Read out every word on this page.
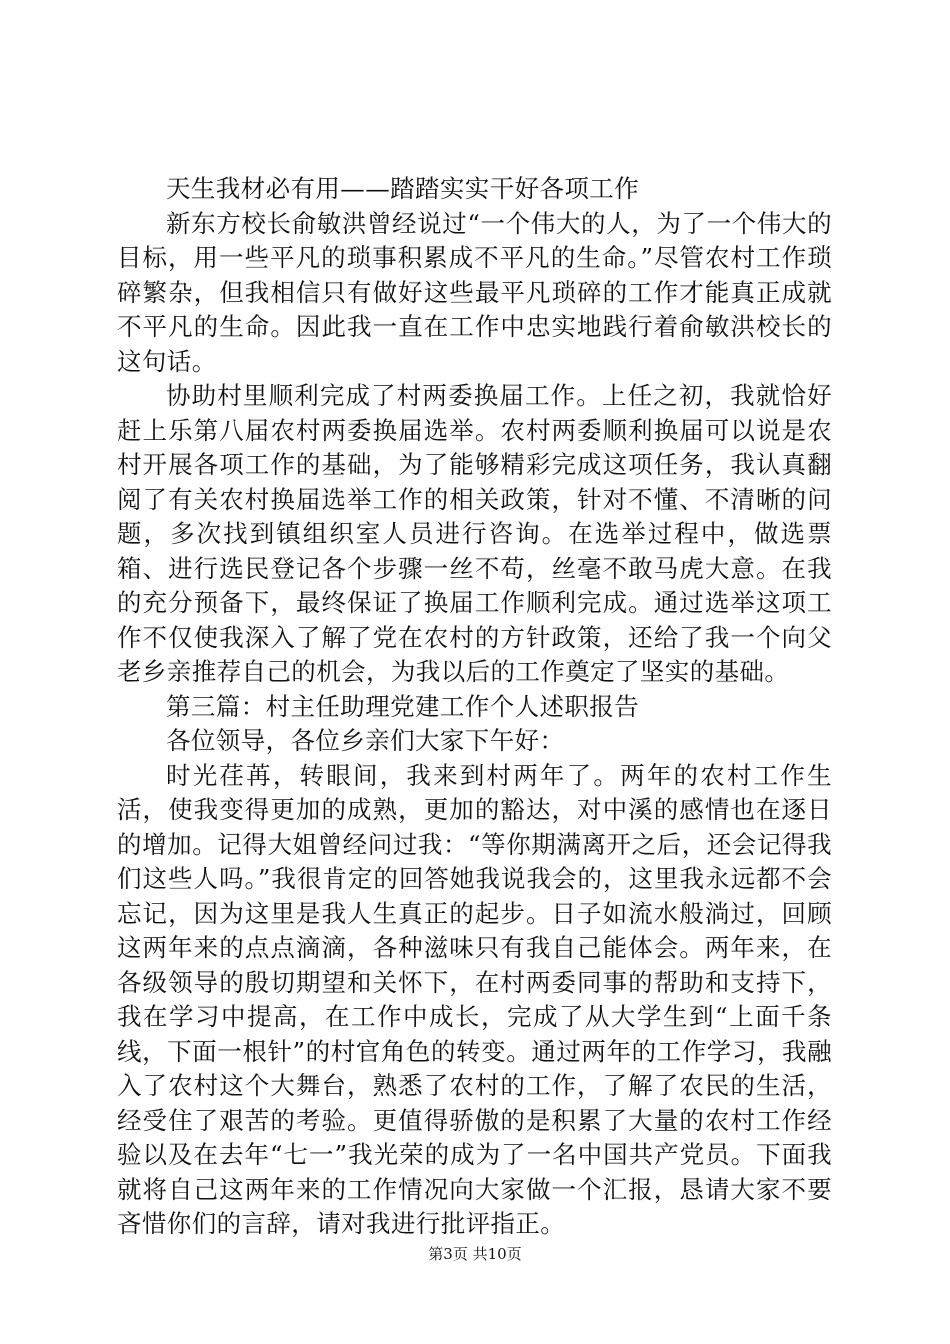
天生我材必有用——踏踏实实干好各项工作

新东方校长俞敏洪曾经说过“一个伟大的人，为了一个伟大的目标，用一些平凡的琐事积累成不平凡的生命。”尽管农村工作琐碎繁杂，但我相信只有做好这些最平凡琐碎的工作才能真正成就不平凡的生命。因此我一直在工作中忠实地践行着俞敏洪校长的这句话。

协助村里顺利完成了村两委换届工作。上任之初，我就恰好赶上乐第八届农村两委换届选举。农村两委顺利换届可以说是农村开展各项工作的基础，为了能够精彩完成这项任务，我认真翻阅了有关农村换届选举工作的相关政策，针对不懂、不清晰的问题，多次找到镇组织室人员进行咨询。在选举过程中，做选票箱、进行选民登记各个步骤一丝不苟，丝毫不敢马虎大意。在我的充分预备下，最终保证了换届工作顺利完成。通过选举这项工作不仅使我深入了解了党在农村的方针政策，还给了我一个向父老乡亲推荐自己的机会，为我以后的工作奠定了坚实的基础。

第三篇：村主任助理党建工作个人述职报告

各位领导，各位乡亲们大家下午好：

时光荏苒，转眼间，我来到村两年了。两年的农村工作生活，使我变得更加的成熟，更加的豁达，对中溪的感情也在逐日的增加。记得大姐曾经问过我：“等你期满离开之后，还会记得我们这些人吗。”我很肯定的回答她我说我会的，这里我永远都不会忘记，因为这里是我人生真正的起步。日子如流水般淌过，回顾这两年来的点点滴滴，各种滋味只有我自己能体会。两年来，在各级领导的殷切期望和关怀下，在村两委同事的帮助和支持下，我在学习中提高，在工作中成长，完成了从大学生到“上面千条线，下面一根针”的村官角色的转变。通过两年的工作学习，我融入了农村这个大舞台，熟悉了农村的工作，了解了农民的生活，经受住了艰苦的考验。更值得骄傲的是积累了大量的农村工作经验以及在去年“七一”我光荣的成为了一名中国共产党员。下面我就将自己这两年来的工作情况向大家做一个汇报，恳请大家不要吝惜你们的言辞，请对我进行批评指正。

第3页 共10页
